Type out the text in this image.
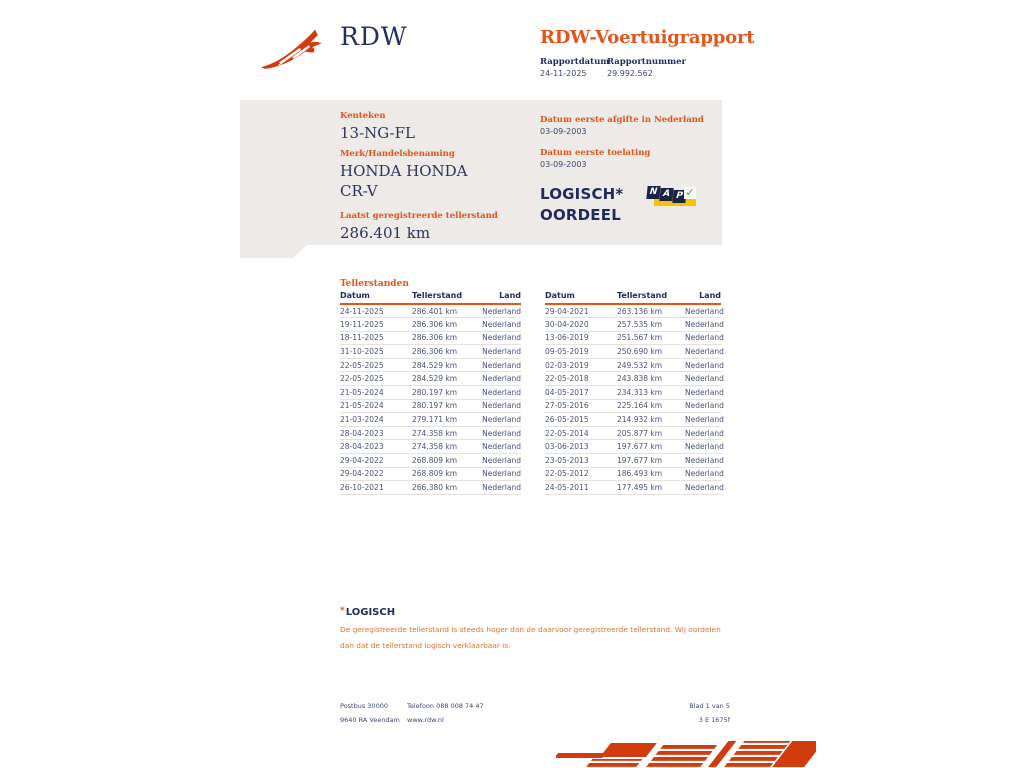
RDW	RDW-Voertuigrapport
Rapportdatum
Rapportnummer
24-11-2025	29.992.562
Kenteken
13-NG-FL
Merk/Handelsbenaming
HONDA HONDA CR-V
Laatst geregistreerde tellerstand
286.401 km
Datum eerste afgifte in Nederland
03-09-2003
Datum eerste toelating
03-09-2003
LOGISCH*
OORDEEL
N A P ✓
Tellerstanden
Datum	Tellerstand	Land
24-11-2025	286.401 km	Nederland
19-11-2025	286.306 km	Nederland
18-11-2025	286.306 km	Nederland
31-10-2025	286.306 km	Nederland
22-05-2025	284.529 km	Nederland
22-05-2025	284.529 km	Nederland
21-05-2024	280.197 km	Nederland
21-05-2024	280.197 km	Nederland
21-03-2024	279.171 km	Nederland
28-04-2023	274.358 km	Nederland
28-04-2023	274.358 km	Nederland
29-04-2022	268.809 km	Nederland
29-04-2022	268.809 km	Nederland
26-10-2021	266.380 km	Nederland
Datum	Tellerstand	Land
29-04-2021	263.136 km	Nederland
30-04-2020	257.535 km	Nederland
13-06-2019	251.567 km	Nederland
09-05-2019	250.690 km	Nederland
02-03-2019	249.532 km	Nederland
22-05-2018	243.838 km	Nederland
04-05-2017	234.313 km	Nederland
27-05-2016	225.164 km	Nederland
26-05-2015	214.932 km	Nederland
22-05-2014	205.877 km	Nederland
03-06-2013	197.677 km	Nederland
23-05-2013	197.677 km	Nederland
22-05-2012	186.493 km	Nederland
24-05-2011	177.495 km	Nederland
*LOGISCH
De geregistreerde tellerstand is steeds hoger dan de daarvoor geregistreerde tellerstand. Wij oordelen dan dat de tellerstand logisch verklaarbaar is.
Postbus 30000
9640 RA Veendam
Telefoon 088 008 74 47
www.rdw.nl
Blad 1 van 5
3 E 1675f
